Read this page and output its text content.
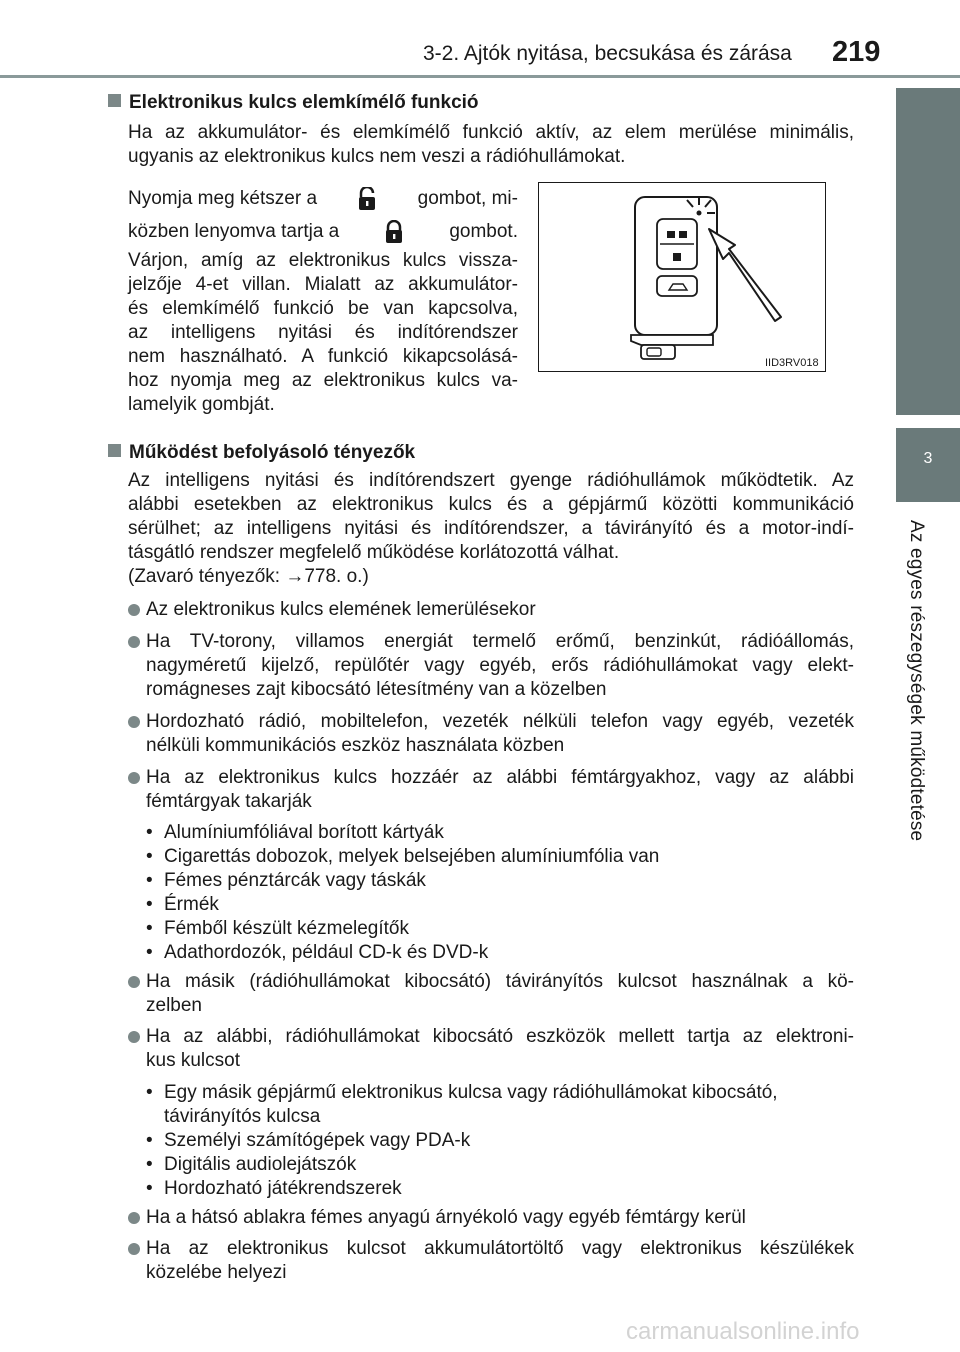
3-2. Ajtók nyitása, becsukása és zárása 219
3
Az egyes részegységek működtetése
Elektronikus kulcs elemkímélő funkció
Ha az akkumulátor- és elemkímélő funkció aktív, az elem merülése minimális,
ugyanis az elektronikus kulcs nem veszi a rádióhullámokat.
Nyomja meg kétszer a	gombot, mi-
közben lenyomva tartja a	gombot.
Várjon, amíg az elektronikus kulcs vissza-
jelzője 4-et villan. Mialatt az akkumulátor-
és elemkímélő funkció be van kapcsolva,
az intelligens nyitási és indítórendszer
nem használható. A funkció kikapcsolásá-
hoz nyomja meg az elektronikus kulcs va-
lamelyik gombját.
IID3RV018
Működést befolyásoló tényezők
Az intelligens nyitási és indítórendszert gyenge rádióhullámok működtetik. Az
alábbi esetekben az elektronikus kulcs és a gépjármű közötti kommunikáció
sérülhet; az intelligens nyitási és indítórendszer, a távirányító és a motor-indí-
tásgátló rendszer megfelelő működése korlátozottá válhat.
(Zavaró tényezők: →778. o.)
Az elektronikus kulcs elemének lemerülésekor
Ha TV-torony, villamos energiát termelő erőmű, benzinkút, rádióállomás,
nagyméretű kijelző, repülőtér vagy egyéb, erős rádióhullámokat vagy elekt-
romágneses zajt kibocsátó létesítmény van a közelben
Hordozható rádió, mobiltelefon, vezeték nélküli telefon vagy egyéb, vezeték
nélküli kommunikációs eszköz használata közben
Ha az elektronikus kulcs hozzáér az alábbi fémtárgyakhoz, vagy az alábbi
fémtárgyak takarják
• Alumíniumfóliával borított kártyák
• Cigarettás dobozok, melyek belsejében alumíniumfólia van
• Fémes pénztárcák vagy táskák
• Érmék
• Fémből készült kézmelegítők
• Adathordozók, például CD-k és DVD-k
Ha másik (rádióhullámokat kibocsátó) távirányítós kulcsot használnak a kö-
zelben
Ha az alábbi, rádióhullámokat kibocsátó eszközök mellett tartja az elektroni-
kus kulcsot
• Egy másik gépjármű elektronikus kulcsa vagy rádióhullámokat kibocsátó,
távirányítós kulcsa
• Személyi számítógépek vagy PDA-k
• Digitális audiolejátszók
• Hordozható játékrendszerek
Ha a hátsó ablakra fémes anyagú árnyékoló vagy egyéb fémtárgy kerül
Ha az elektronikus kulcsot akkumulátortöltő vagy elektronikus készülékek
közelébe helyezi
carmanualsonline.info
